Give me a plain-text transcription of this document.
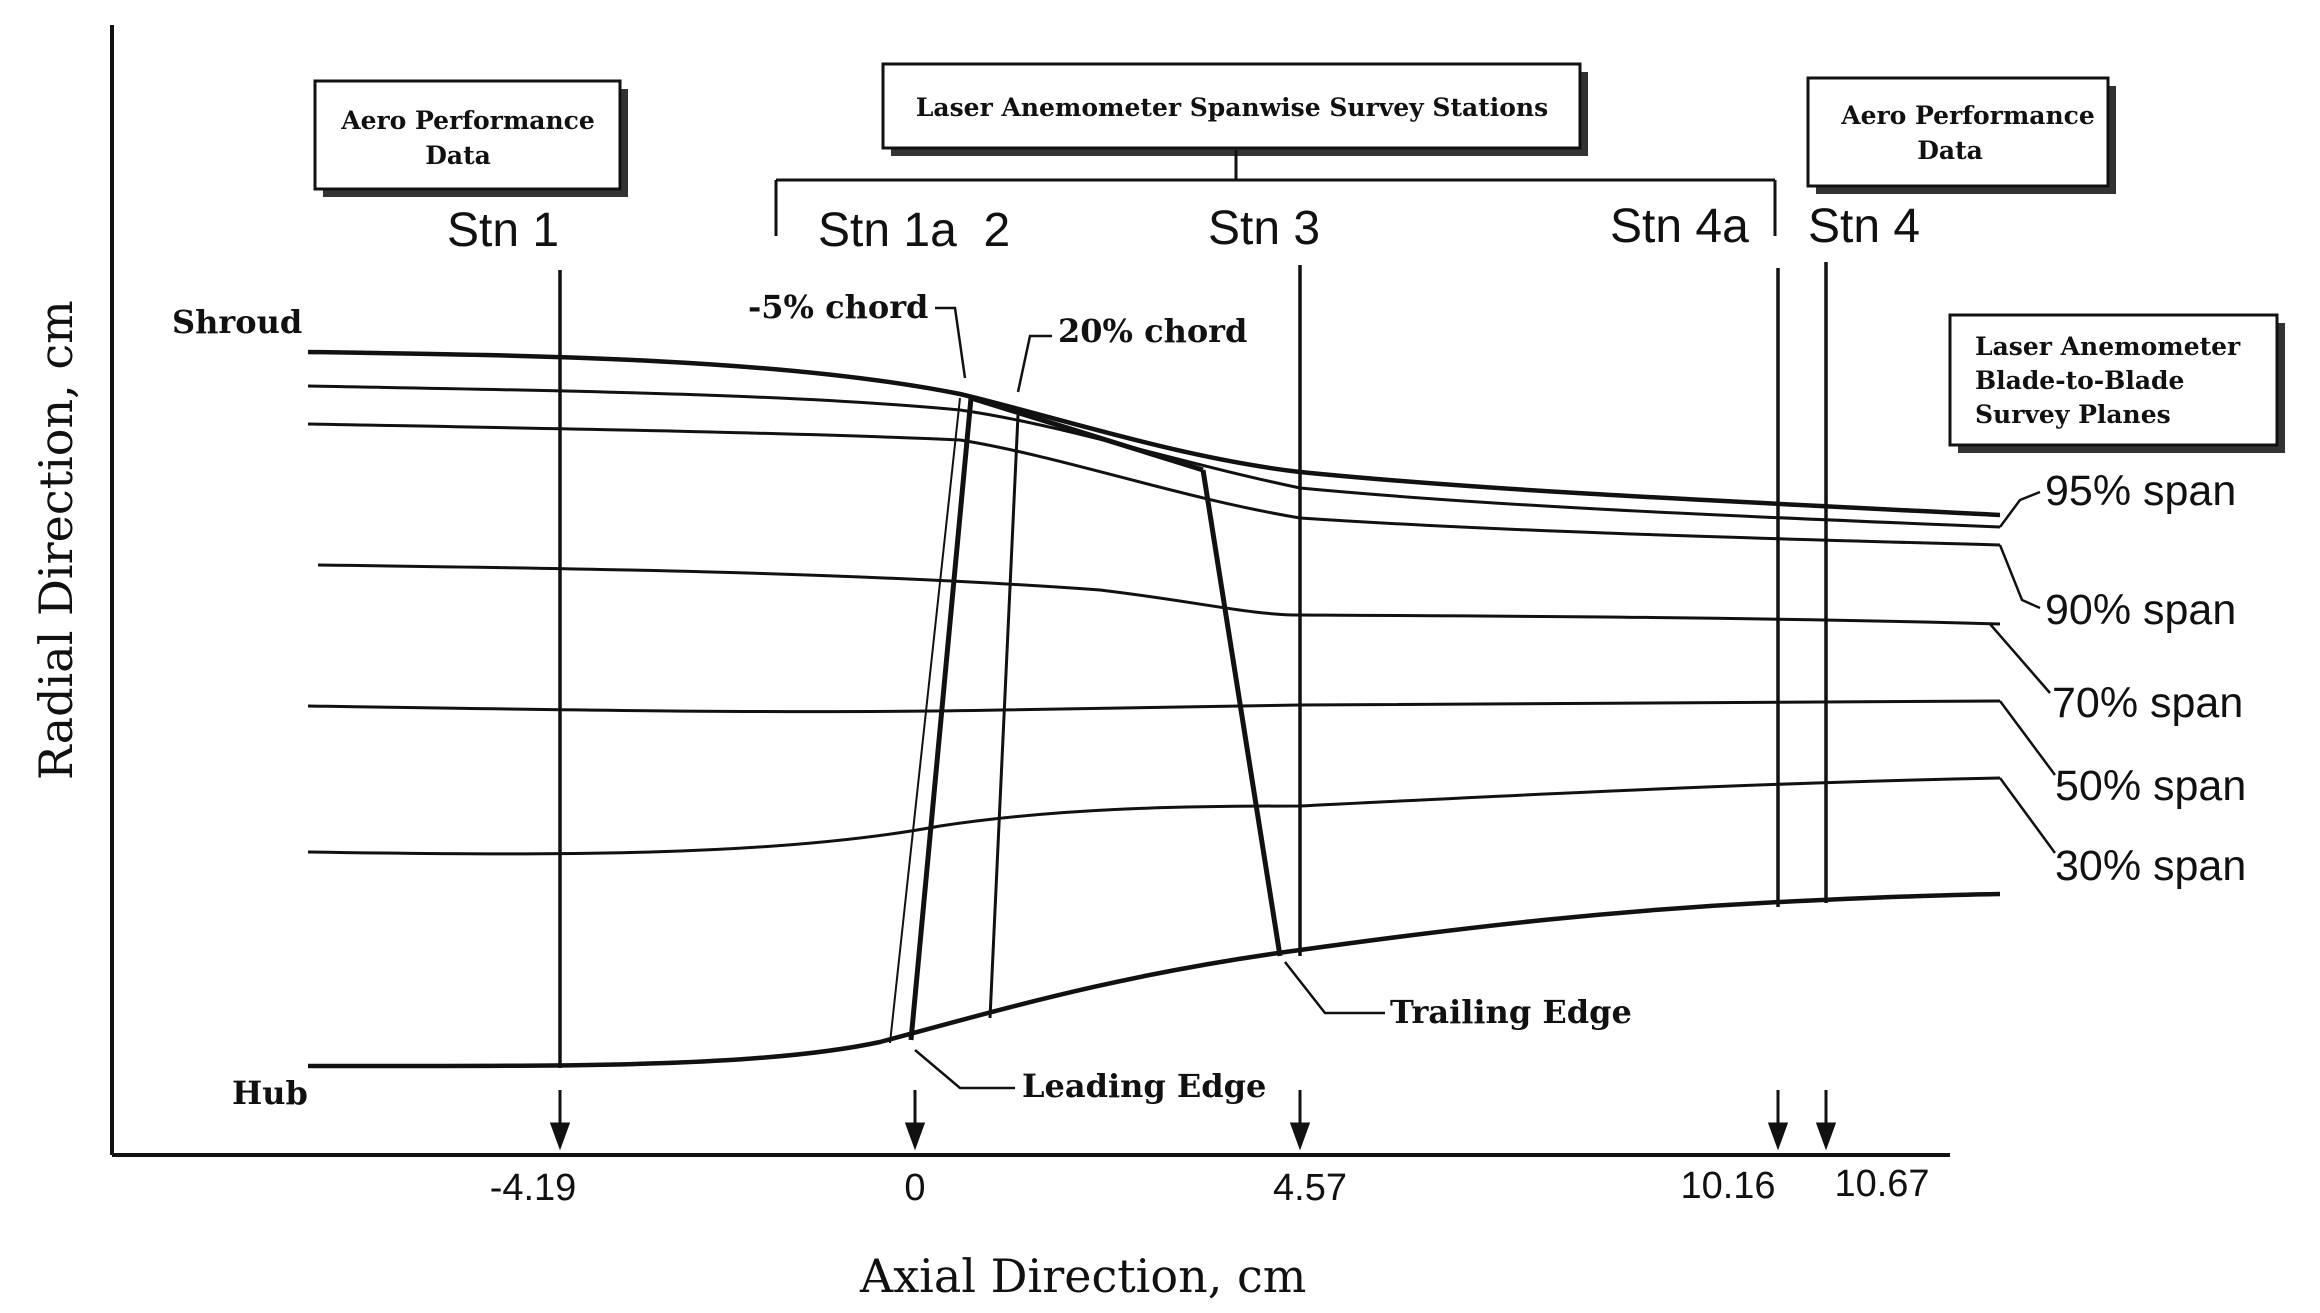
Radial Direction, cm
Axial Direction, cm
Aero Performance
Data
Laser Anemometer Spanwise Survey Stations	Aero Performance
Data
Laser Anemometer
Blade-to-Blade
Survey Planes
Stn 1	Stn 1a  2	Stn 3	Stn 4a Stn 4
Shroud
Hub
-5% chord
20% chord
Leading Edge
Trailing Edge
95% span
90% span
70% span
50% span
30% span
-4.19	0	4.57	10.16 10.67
